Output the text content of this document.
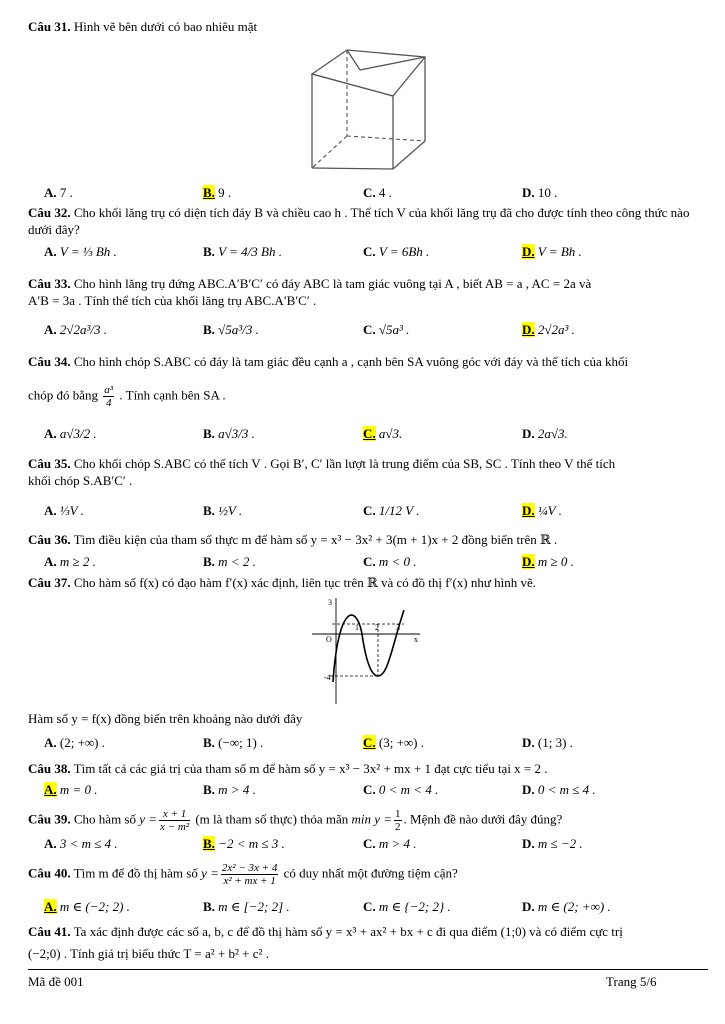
Câu 31. Hình vẽ bên dưới có bao nhiêu mặt
A. 7 .	B. 9 .	C. 4 .	D. 10 .
Câu 32. Cho khối lăng trụ có diện tích đáy B và chiều cao h . Thể tích V của khối lăng trụ đã cho được tính theo công thức nào dưới đây?
A. V = ⅓ Bh .	B. V = 4/3 Bh .	C. V = 6Bh .	D. V = Bh .
Câu 33. Cho hình lăng trụ đứng ABC.A′B′C′ có đáy ABC là tam giác vuông tại A , biết AB = a , AC = 2a và
A′B = 3a . Tính thể tích của khối lăng trụ ABC.A′B′C′ .
A. 2√2a³/3 .	B. √5a³/3 .	C. √5a³ .	D. 2√2a³ .
Câu 34. Cho hình chóp S.ABC có đáy là tam giác đều cạnh a , cạnh bên SA vuông góc với đáy và thể tích của khối
chóp đó bằng $\frac{\text{a³}}{4}$ . Tính cạnh bên SA .
A. a√3/2 .	B. a√3/3 .	C. a√3.	D. 2a√3.
Câu 35. Cho khối chóp S.ABC có thể tích V . Gọi B′, C′ lần lượt là trung điểm của SB, SC . Tính theo V thể tích
khối chóp S.AB′C′ .
A. ⅓V .	B. ½V .	C. 1/12 V .	D. ¼V .
Câu 36. Tìm điều kiện của tham số thực m để hàm số y = x³ − 3x² + 3(m + 1)x + 2 đồng biến trên ℝ .
A. m ≥ 2 .	B. m < 2 .	C. m < 0 .	D. m ≥ 0 .
Câu 37. Cho hàm số f(x) có đạo hàm f′(x) xác định, liên tục trên ℝ và có đồ thị f′(x) như hình vẽ.
3
1 2 3
O
-4
x
Hàm số y = f(x) đồng biến trên khoảng nào dưới đây
A. (2; +∞) .	B. (−∞; 1) .	C. (3; +∞) .	D. (1; 3) .
Câu 38. Tìm tất cả các giá trị của tham số m để hàm số y = x³ − 3x² + mx + 1 đạt cực tiểu tại x = 2 .
A. m = 0 .	B. m > 4 .	C. 0 < m < 4 .	D. 0 < m ≤ 4 .
Câu 39. Cho hàm số $y = \frac{x + 1}{\text{x − m²}} (m$ là tham số thực) thỏa mãn $\min y = \frac{1}{2}$ . Mệnh đề nào dưới đây đúng?
A. 3 < m ≤ 4 .	B. −2 < m ≤ 3 .	C. m > 4 .	D. m ≤ −2 .
Câu 40. Tìm m để đồ thị hàm số $y = \frac{\text{2x² − 3x + 4}}{\text{x² + mx + 1}}$ có duy nhất một đường tiệm cận?
A. m ∈ (−2; 2) .	B. m ∈ [−2; 2] .	C. m ∈ {−2; 2} .	D. m ∈ (2; +∞) .
Câu 41. Ta xác định được các số a, b, c để đồ thị hàm số y = x³ + ax² + bx + c đi qua điểm (1;0) và có điểm cực trị
(−2;0) . Tính giá trị biểu thức T = a² + b² + c² .
Mã đề 001	Trang 5/6
